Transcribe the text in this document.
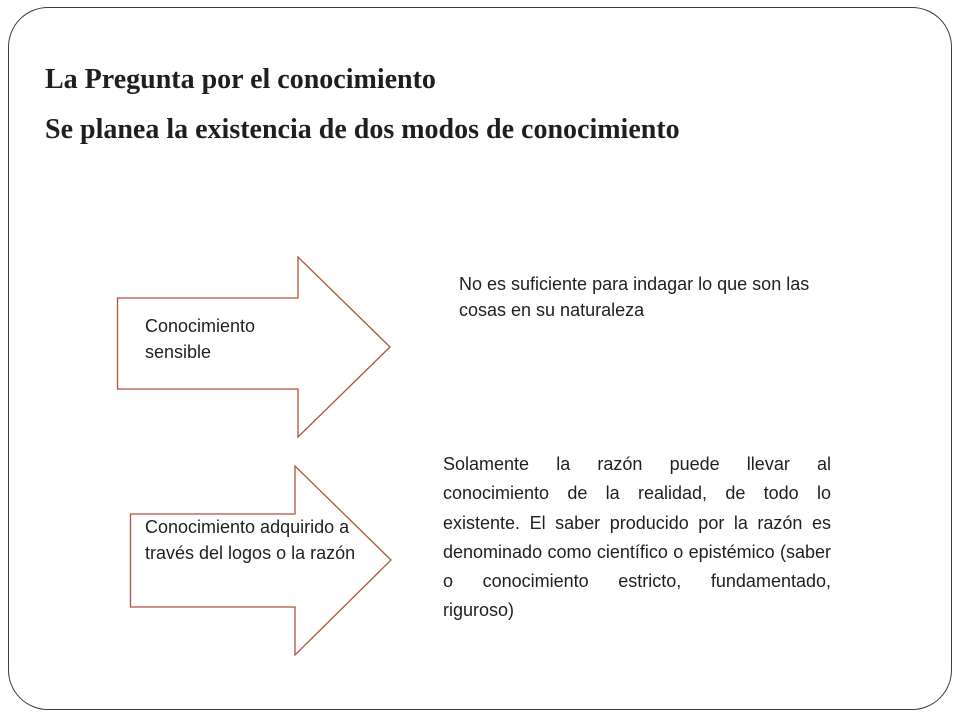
La Pregunta por el conocimiento
Se planea la existencia de dos modos de conocimiento
Conocimiento sensible
No es suficiente para indagar lo que son las cosas en su naturaleza
Conocimiento adquirido a través del logos o la razón
Solamente la razón puede llevar al conocimiento de la realidad, de todo lo existente. El saber producido por la razón es denominado como científico o epistémico (saber o conocimiento estricto, fundamentado, riguroso)
